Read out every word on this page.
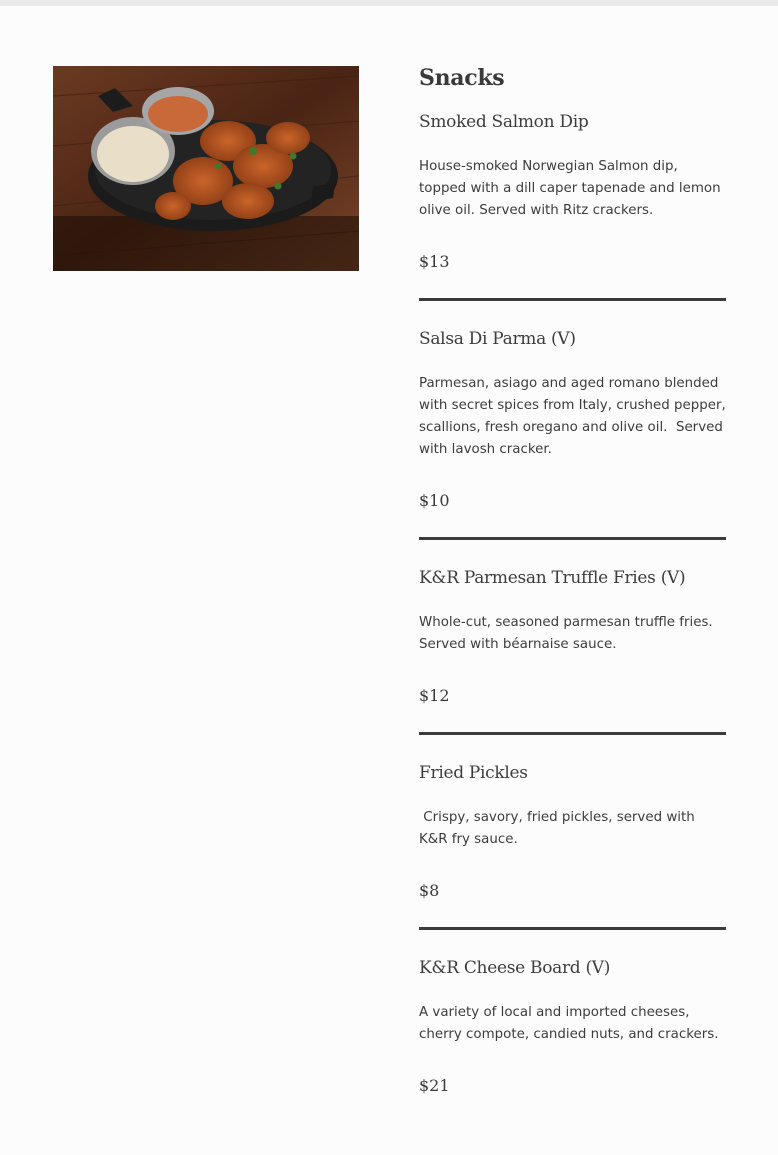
Snacks
Smoked Salmon Dip

House-smoked Norwegian Salmon dip, topped with a dill caper tapenade and lemon olive oil. Served with Ritz crackers.

$13
Salsa Di Parma (V)

Parmesan, asiago and aged romano blended with secret spices from Italy, crushed pepper, scallions, fresh oregano and olive oil.  Served with lavosh cracker.

$10
K&R Parmesan Truffle Fries (V)

Whole-cut, seasoned parmesan truffle fries. Served with béarnaise sauce.

$12
Fried Pickles

Crispy, savory, fried pickles, served with K&R fry sauce.

$8
K&R Cheese Board (V)

A variety of local and imported cheeses, cherry compote, candied nuts, and crackers.

$21
